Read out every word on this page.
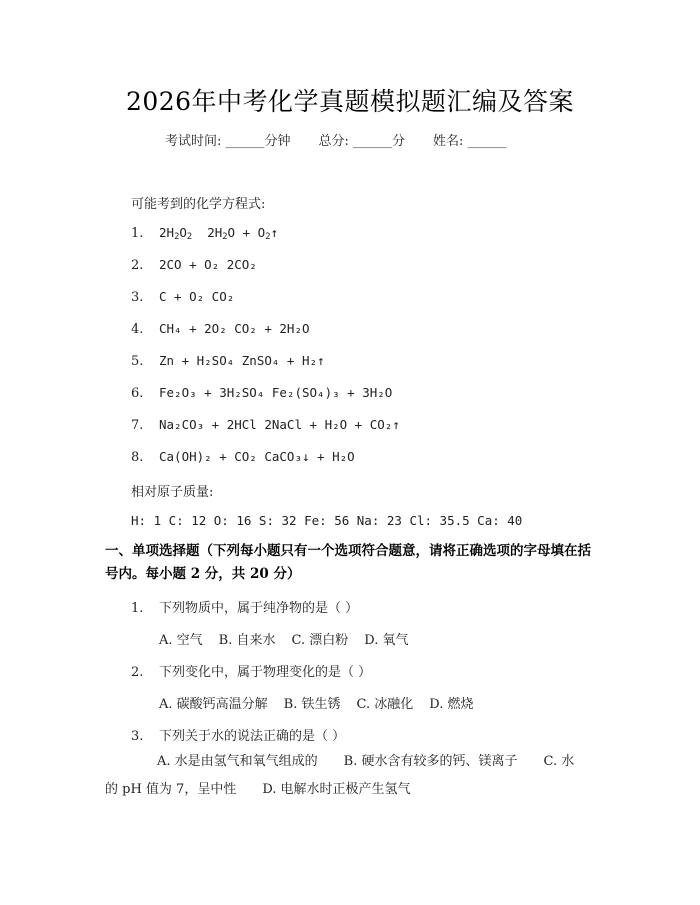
2026年中考化学真题模拟题汇编及答案
考试时间: ______分钟 总分: ______分 姓名: ______
可能考到的化学方程式:
1. $2H_2O_2$  $2H_2O$ + $O_2↑$
2. 2CO + O₂ 2CO₂
3. C + O₂ CO₂
4. CH₄ + 2O₂ CO₂ + 2H₂O
5. Zn + H₂SO₄ ZnSO₄ + H₂↑
6. Fe₂O₃ + 3H₂SO₄ Fe₂(SO₄)₃ + 3H₂O
7. Na₂CO₃ + 2HCl 2NaCl + H₂O + CO₂↑
8. Ca(OH)₂ + CO₂ CaCO₃↓ + H₂O
相对原子质量:
H: 1 C: 12 O: 16 S: 32 Fe: 56 Na: 23 Cl: 35.5 Ca: 40
一、单项选择题（下列每小题只有一个选项符合题意，请将正确选项的字母填在括号内。每小题 2 分，共 20 分）
1. 下列物质中，属于纯净物的是（ ）
A. 空气 B. 自来水 C. 漂白粉 D. 氧气
2. 下列变化中，属于物理变化的是（ ）
A. 碳酸钙高温分解 B. 铁生锈 C. 冰融化 D. 燃烧
3. 下列关于水的说法正确的是（ ）
A. 水是由氢气和氧气组成的　　B. 硬水含有较多的钙、镁离子　　C. 水的 pH 值为 7，呈中性　　D. 电解水时正极产生氢气
